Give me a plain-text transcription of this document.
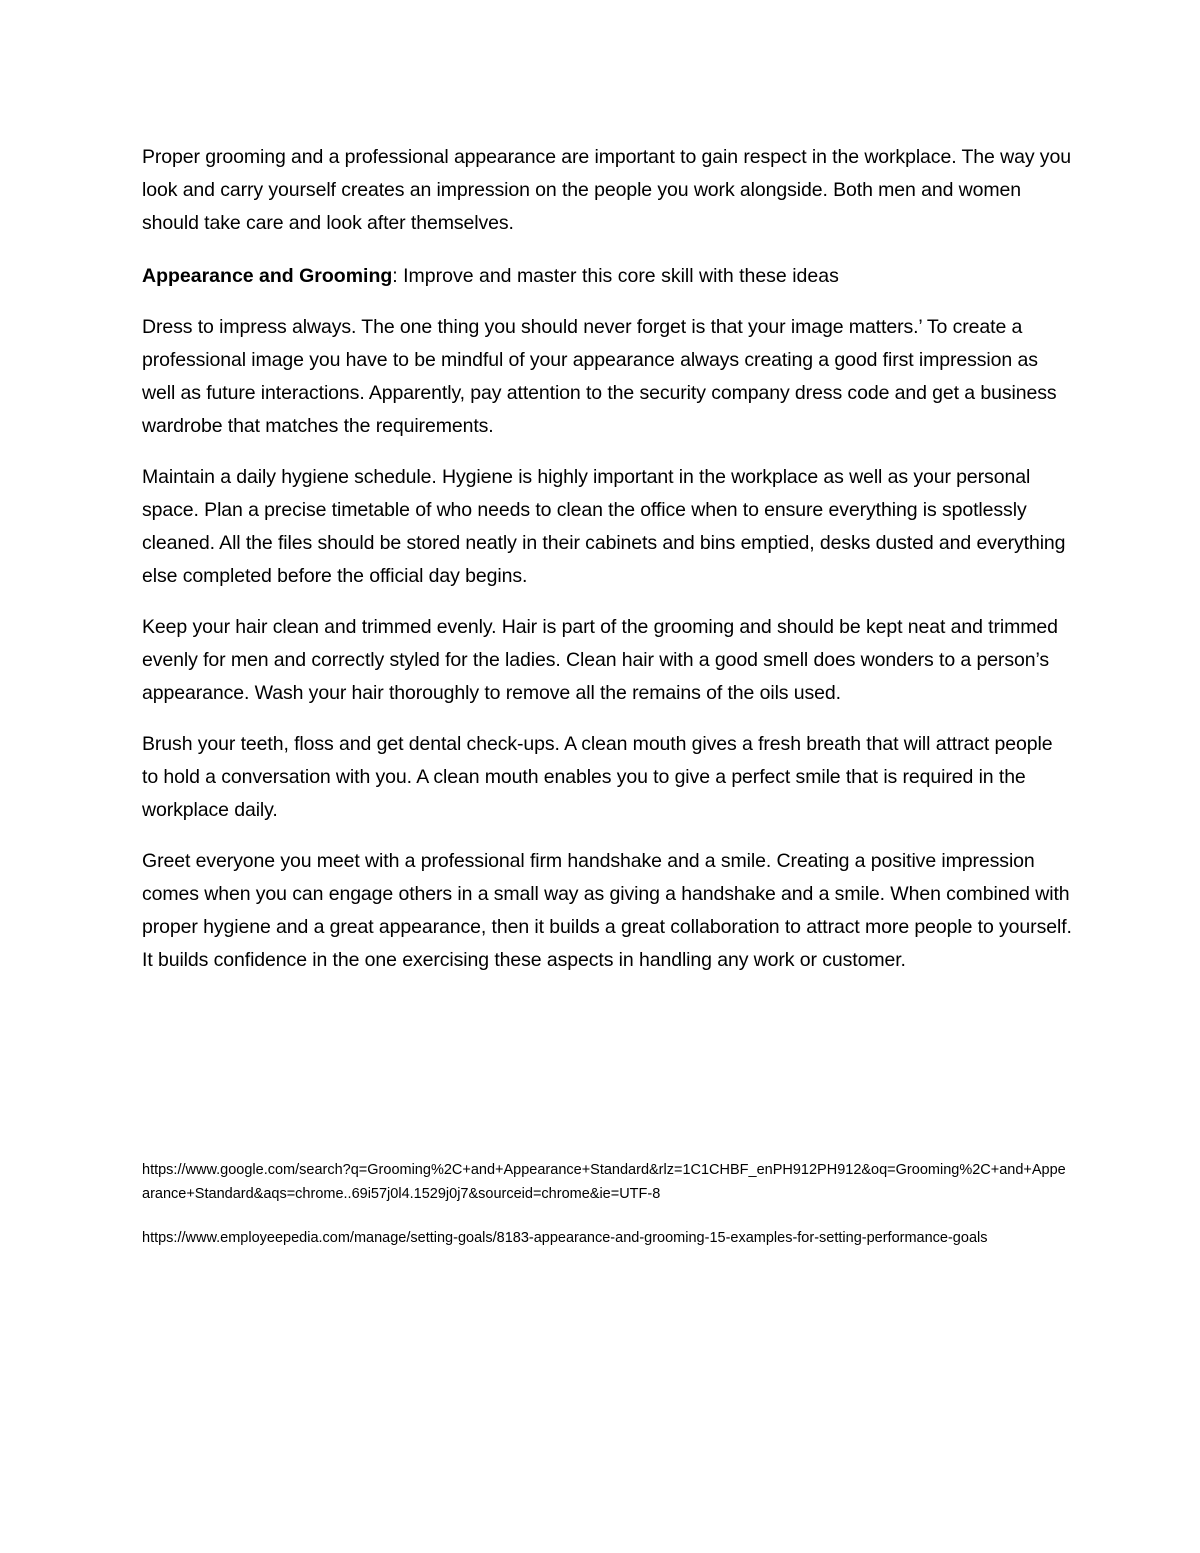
Proper grooming and a professional appearance are important to gain respect in the workplace. The way you look and carry yourself creates an impression on the people you work alongside. Both men and women should take care and look after themselves.

Appearance and Grooming: Improve and master this core skill with these ideas

Dress to impress always. The one thing you should never forget is that your image matters.’ To create a professional image you have to be mindful of your appearance always creating a good first impression as well as future interactions. Apparently, pay attention to the security company dress code and get a business wardrobe that matches the requirements.

Maintain a daily hygiene schedule. Hygiene is highly important in the workplace as well as your personal space. Plan a precise timetable of who needs to clean the office when to ensure everything is spotlessly cleaned. All the files should be stored neatly in their cabinets and bins emptied, desks dusted and everything else completed before the official day begins.

Keep your hair clean and trimmed evenly. Hair is part of the grooming and should be kept neat and trimmed evenly for men and correctly styled for the ladies. Clean hair with a good smell does wonders to a person’s appearance. Wash your hair thoroughly to remove all the remains of the oils used.

Brush your teeth, floss and get dental check-ups. A clean mouth gives a fresh breath that will attract people to hold a conversation with you. A clean mouth enables you to give a perfect smile that is required in the workplace daily.

Greet everyone you meet with a professional firm handshake and a smile. Creating a positive impression comes when you can engage others in a small way as giving a handshake and a smile. When combined with proper hygiene and a great appearance, then it builds a great collaboration to attract more people to yourself. It builds confidence in the one exercising these aspects in handling any work or customer.

https://www.google.com/search?q=Grooming%2C+and+Appearance+Standard&rlz=1C1CHBF_enPH912PH912&oq=Grooming%2C+and+Appearance+Standard&aqs=chrome..69i57j0l4.1529j0j7&sourceid=chrome&ie=UTF-8

https://www.employeepedia.com/manage/setting-goals/8183-appearance-and-grooming-15-examples-for-setting-performance-goals
